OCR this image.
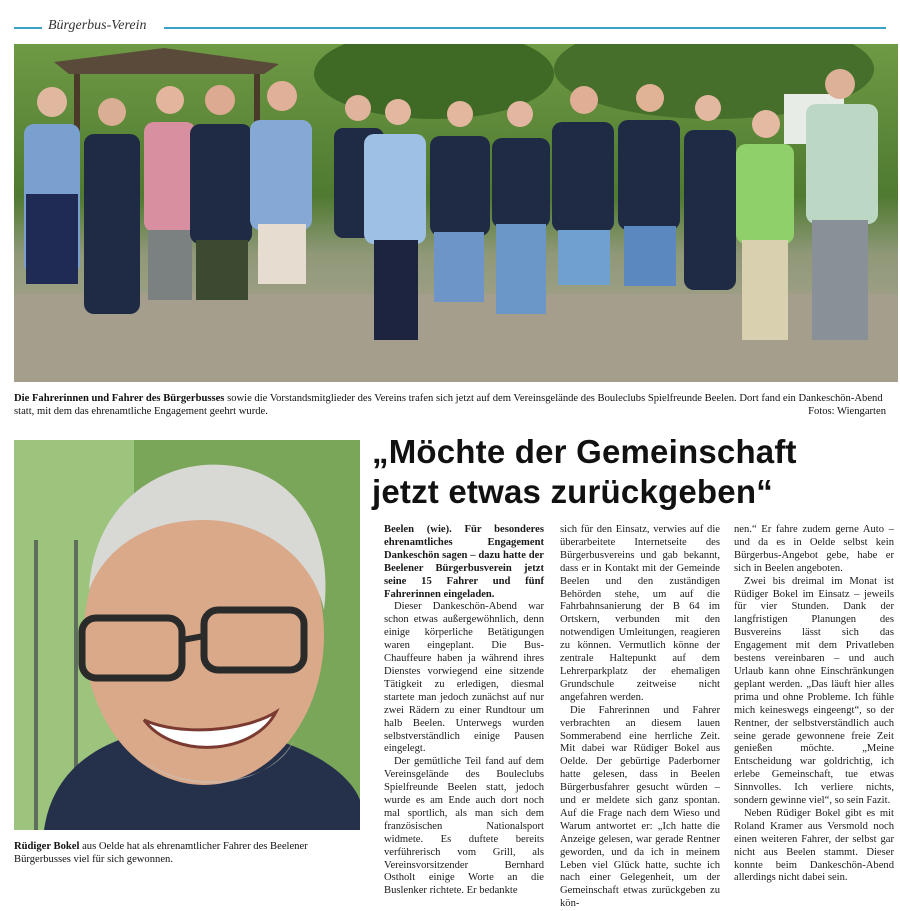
Bürgerbus-Verein
Die Fahrerinnen und Fahrer des Bürgerbusses sowie die Vorstandsmitglieder des Vereins trafen sich jetzt auf dem Vereinsgelände des Bouleclubs Spielfreunde Beelen. Dort fand ein Dankeschön-Abend statt, mit dem das ehrenamtliche Engagement geehrt wurde.	Fotos: Wiengarten
Rüdiger Bokel aus Oelde hat als ehrenamtlicher Fahrer des Beelener Bürgerbusses viel für sich gewonnen.
„Möchte der Gemeinschaft
jetzt etwas zurückgeben“

Beelen (wie). Für besonderes ehrenamtliches Engagement Dankeschön sagen – dazu hatte der Beelener Bürgerbusverein jetzt seine 15 Fahrer und fünf Fahrerinnen eingeladen.

Dieser Dankeschön-Abend war schon etwas außergewöhnlich, denn einige körperliche Betätigungen waren eingeplant. Die Bus-Chauffeure haben ja während ihres Dienstes vorwiegend eine sitzende Tätigkeit zu erledigen, diesmal startete man jedoch zunächst auf nur zwei Rädern zu einer Rundtour um halb Beelen. Unterwegs wurden selbstverständlich einige Pausen eingelegt.

Der gemütliche Teil fand auf dem Vereinsgelände des Bouleclubs Spielfreunde Beelen statt, jedoch wurde es am Ende auch dort noch mal sportlich, als man sich dem französischen Nationalsport widmete. Es duftete bereits verführerisch vom Grill, als Vereinsvorsitzender Bernhard Ostholt einige Worte an die Buslenker richtete. Er bedankte

sich für den Einsatz, verwies auf die überarbeitete Internetseite des Bürgerbusvereins und gab bekannt, dass er in Kontakt mit der Gemeinde Beelen und den zuständigen Behörden stehe, um auf die Fahrbahnsanierung der B 64 im Ortskern, verbunden mit den notwendigen Umleitungen, reagieren zu können. Vermutlich könne der zentrale Haltepunkt auf dem Lehrerparkplatz der ehemaligen Grundschule zeitweise nicht angefahren werden.

Die Fahrerinnen und Fahrer verbrachten an diesem lauen Sommerabend eine herrliche Zeit. Mit dabei war Rüdiger Bokel aus Oelde. Der gebürtige Paderborner hatte gelesen, dass in Beelen Bürgerbusfahrer gesucht würden – und er meldete sich ganz spontan. Auf die Frage nach dem Wieso und Warum antwortet er: „Ich hatte die Anzeige gelesen, war gerade Rentner geworden, und da ich in meinem Leben viel Glück hatte, suchte ich nach einer Gelegenheit, um der Gemeinschaft etwas zurückgeben zu kön-

nen.“ Er fahre zudem gerne Auto – und da es in Oelde selbst kein Bürgerbus-Angebot gebe, habe er sich in Beelen angeboten.

Zwei bis dreimal im Monat ist Rüdiger Bokel im Einsatz – jeweils für vier Stunden. Dank der langfristigen Planungen des Busvereins lässt sich das Engagement mit dem Privatleben bestens vereinbaren – und auch Urlaub kann ohne Einschränkungen geplant werden. „Das läuft hier alles prima und ohne Probleme. Ich fühle mich keineswegs eingeengt“, so der Rentner, der selbstverständlich auch seine gerade gewonnene freie Zeit genießen möchte. „Meine Entscheidung war goldrichtig, ich erlebe Gemeinschaft, tue etwas Sinnvolles. Ich verliere nichts, sondern gewinne viel“, so sein Fazit.

Neben Rüdiger Bokel gibt es mit Roland Kramer aus Versmold noch einen weiteren Fahrer, der selbst gar nicht aus Beelen stammt. Dieser konnte beim Dankeschön-Abend allerdings nicht dabei sein.
